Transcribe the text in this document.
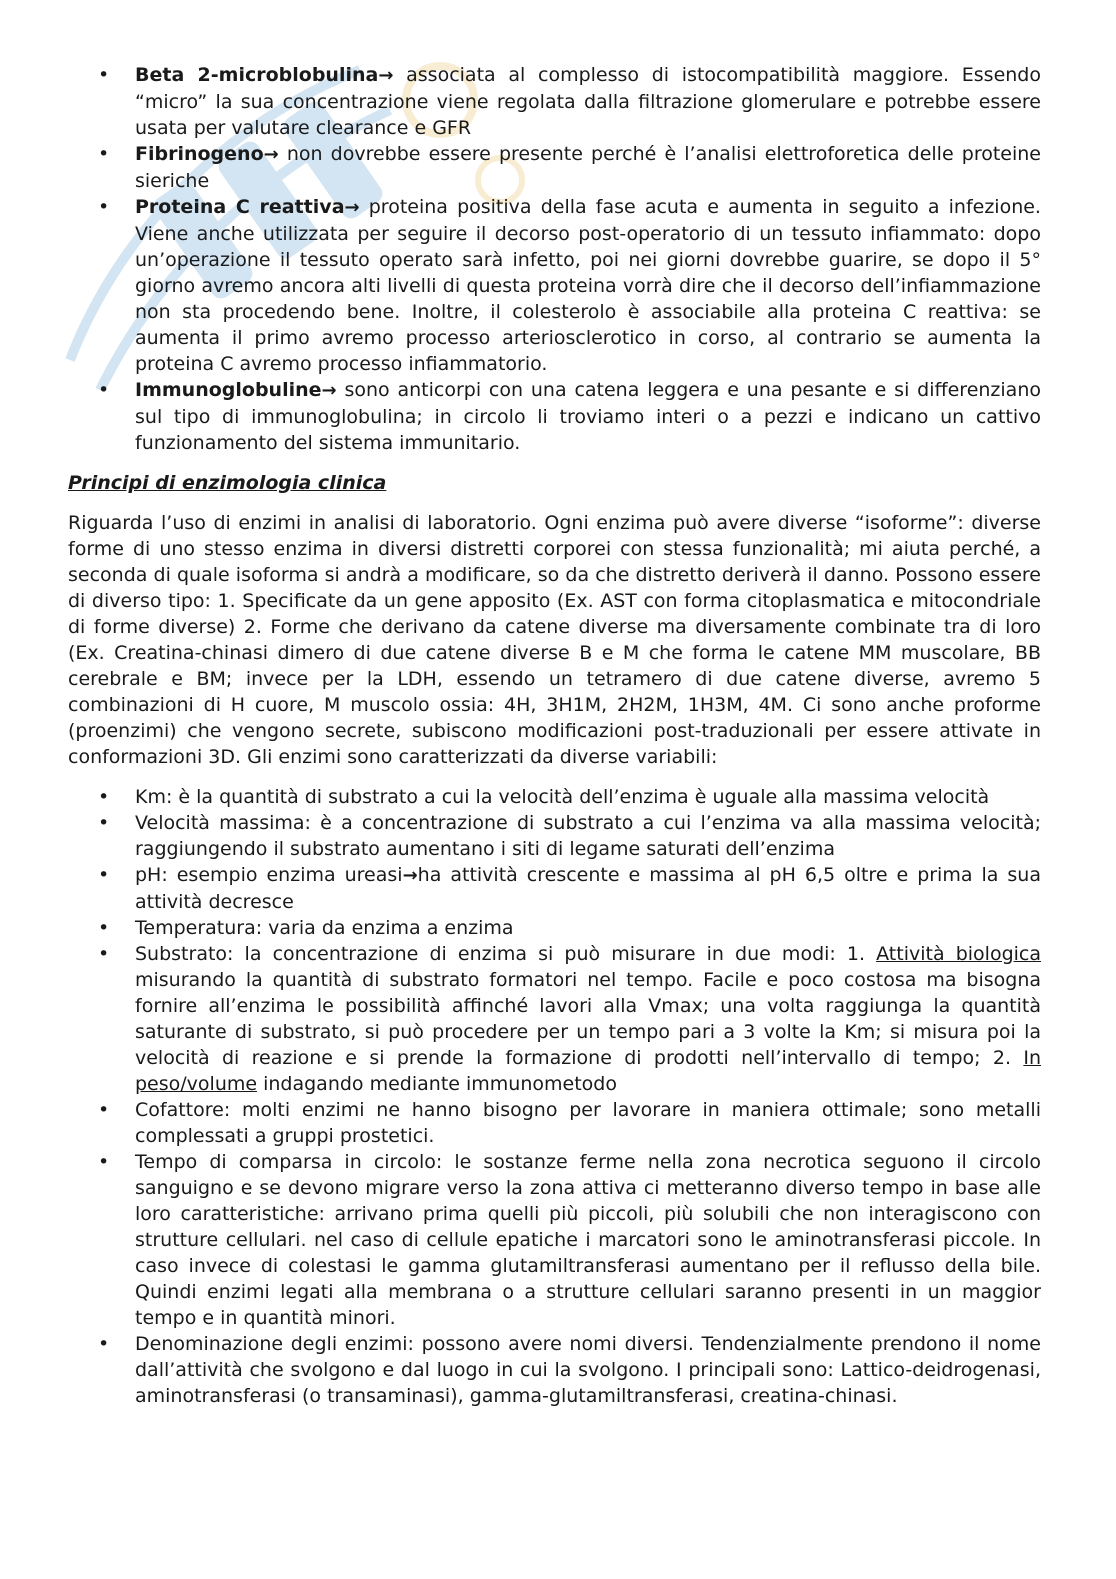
• Beta 2-microblobulina→ associata al complesso di istocompatibilità maggiore. Essendo “micro” la sua concentrazione viene regolata dalla filtrazione glomerulare e potrebbe essere usata per valutare clearance e GFR
• Fibrinogeno→ non dovrebbe essere presente perché è l’analisi elettroforetica delle proteine sieriche
• Proteina C reattiva→ proteina positiva della fase acuta e aumenta in seguito a infezione. Viene anche utilizzata per seguire il decorso post-operatorio di un tessuto infiammato: dopo un’operazione il tessuto operato sarà infetto, poi nei giorni dovrebbe guarire, se dopo il 5° giorno avremo ancora alti livelli di questa proteina vorrà dire che il decorso dell’infiammazione non sta procedendo bene. Inoltre, il colesterolo è associabile alla proteina C reattiva: se aumenta il primo avremo processo arteriosclerotico in corso, al contrario se aumenta la proteina C avremo processo infiammatorio.
• Immunoglobuline→ sono anticorpi con una catena leggera e una pesante e si differenziano sul tipo di immunoglobulina; in circolo li troviamo interi o a pezzi e indicano un cattivo funzionamento del sistema immunitario.
Principi di enzimologia clinica

Riguarda l’uso di enzimi in analisi di laboratorio. Ogni enzima può avere diverse “isoforme”: diverse forme di uno stesso enzima in diversi distretti corporei con stessa funzionalità; mi aiuta perché, a seconda di quale isoforma si andrà a modificare, so da che distretto deriverà il danno. Possono essere di diverso tipo: 1. Specificate da un gene apposito (Ex. AST con forma citoplasmatica e mitocondriale di forme diverse) 2. Forme che derivano da catene diverse ma diversamente combinate tra di loro (Ex. Creatina-chinasi dimero di due catene diverse B e M che forma le catene MM muscolare, BB cerebrale e BM; invece per la LDH, essendo un tetramero di due catene diverse, avremo 5 combinazioni di H cuore, M muscolo ossia: 4H, 3H1M, 2H2M, 1H3M, 4M. Ci sono anche proforme (proenzimi) che vengono secrete, subiscono modificazioni post-traduzionali per essere attivate in conformazioni 3D. Gli enzimi sono caratterizzati da diverse variabili:

• Km: è la quantità di substrato a cui la velocità dell’enzima è uguale alla massima velocità
• Velocità massima: è a concentrazione di substrato a cui l’enzima va alla massima velocità; raggiungendo il substrato aumentano i siti di legame saturati dell’enzima
• pH: esempio enzima ureasi→ha attività crescente e massima al pH 6,5 oltre e prima la sua attività decresce
• Temperatura: varia da enzima a enzima
• Substrato: la concentrazione di enzima si può misurare in due modi: 1. Attività biologica misurando la quantità di substrato formatori nel tempo. Facile e poco costosa ma bisogna fornire all’enzima le possibilità affinché lavori alla Vmax; una volta raggiunga la quantità saturante di substrato, si può procedere per un tempo pari a 3 volte la Km; si misura poi la velocità di reazione e si prende la formazione di prodotti nell’intervallo di tempo; 2. In peso/volume indagando mediante immunometodo
• Cofattore: molti enzimi ne hanno bisogno per lavorare in maniera ottimale; sono metalli complessati a gruppi prostetici.
• Tempo di comparsa in circolo: le sostanze ferme nella zona necrotica seguono il circolo sanguigno e se devono migrare verso la zona attiva ci metteranno diverso tempo in base alle loro caratteristiche: arrivano prima quelli più piccoli, più solubili che non interagiscono con strutture cellulari. nel caso di cellule epatiche i marcatori sono le aminotransferasi piccole. In caso invece di colestasi le gamma glutamiltransferasi aumentano per il reflusso della bile. Quindi enzimi legati alla membrana o a strutture cellulari saranno presenti in un maggior tempo e in quantità minori.
• Denominazione degli enzimi: possono avere nomi diversi. Tendenzialmente prendono il nome dall’attività che svolgono e dal luogo in cui la svolgono. I principali sono: Lattico-deidrogenasi, aminotransferasi (o transaminasi), gamma-glutamiltransferasi, creatina-chinasi.
